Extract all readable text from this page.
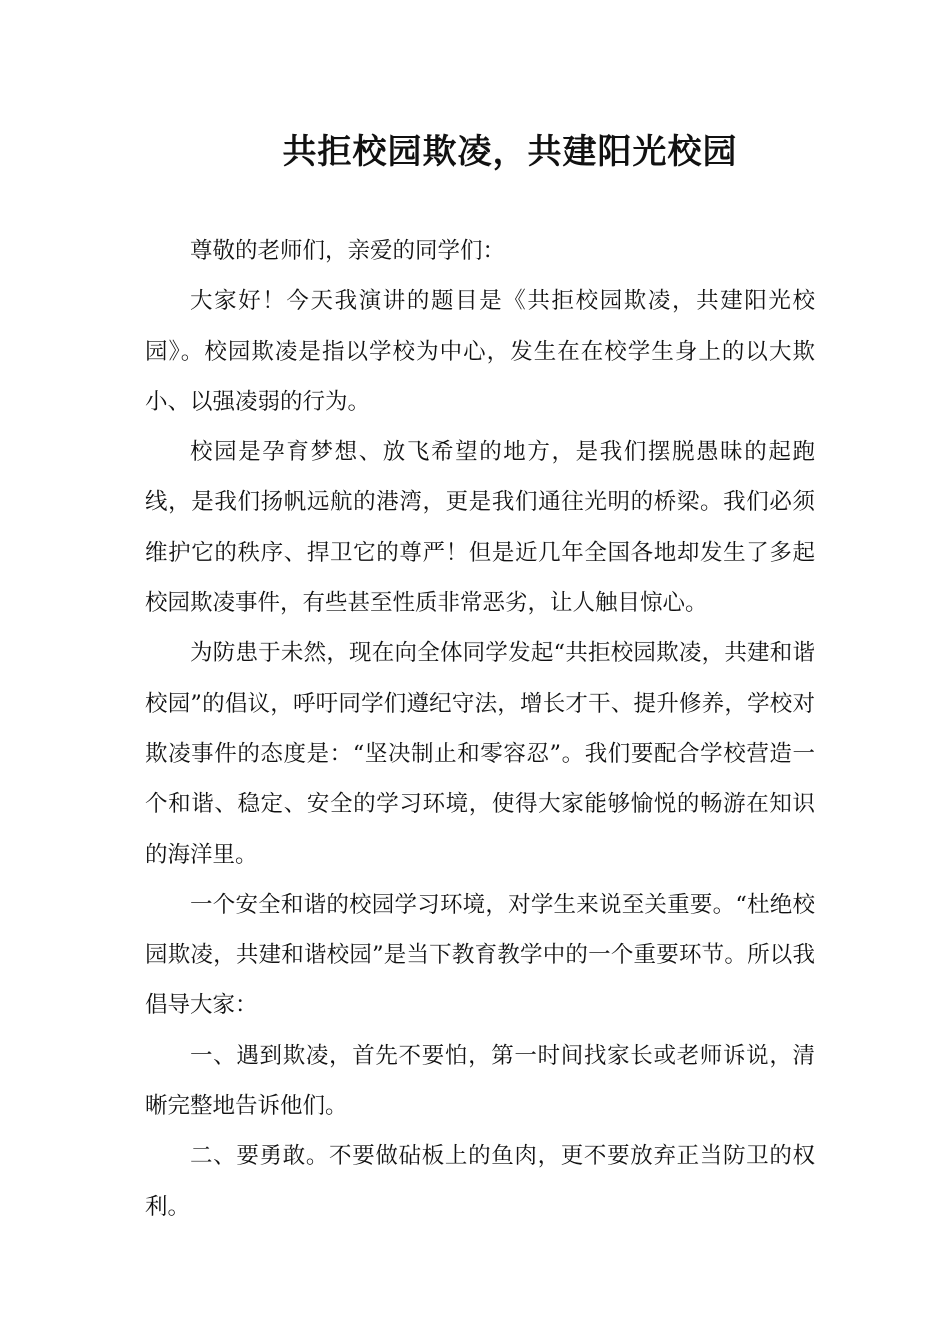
共拒校园欺凌，共建阳光校园

尊敬的老师们，亲爱的同学们：

大家好！今天我演讲的题目是《共拒校园欺凌，共建阳光校园》。校园欺凌是指以学校为中心，发生在在校学生身上的以大欺小、以强凌弱的行为。

校园是孕育梦想、放飞希望的地方，是我们摆脱愚昧的起跑线，是我们扬帆远航的港湾，更是我们通往光明的桥梁。我们必须维护它的秩序、捍卫它的尊严！但是近几年全国各地却发生了多起校园欺凌事件，有些甚至性质非常恶劣，让人触目惊心。

为防患于未然，现在向全体同学发起“共拒校园欺凌，共建和谐校园”的倡议，呼吁同学们遵纪守法，增长才干、提升修养，学校对欺凌事件的态度是：“坚决制止和零容忍”。我们要配合学校营造一个和谐、稳定、安全的学习环境，使得大家能够愉悦的畅游在知识的海洋里。

一个安全和谐的校园学习环境，对学生来说至关重要。“杜绝校园欺凌，共建和谐校园”是当下教育教学中的一个重要环节。所以我倡导大家：

一、遇到欺凌，首先不要怕，第一时间找家长或老师诉说，清晰完整地告诉他们。

二、要勇敢。不要做砧板上的鱼肉，更不要放弃正当防卫的权利。
